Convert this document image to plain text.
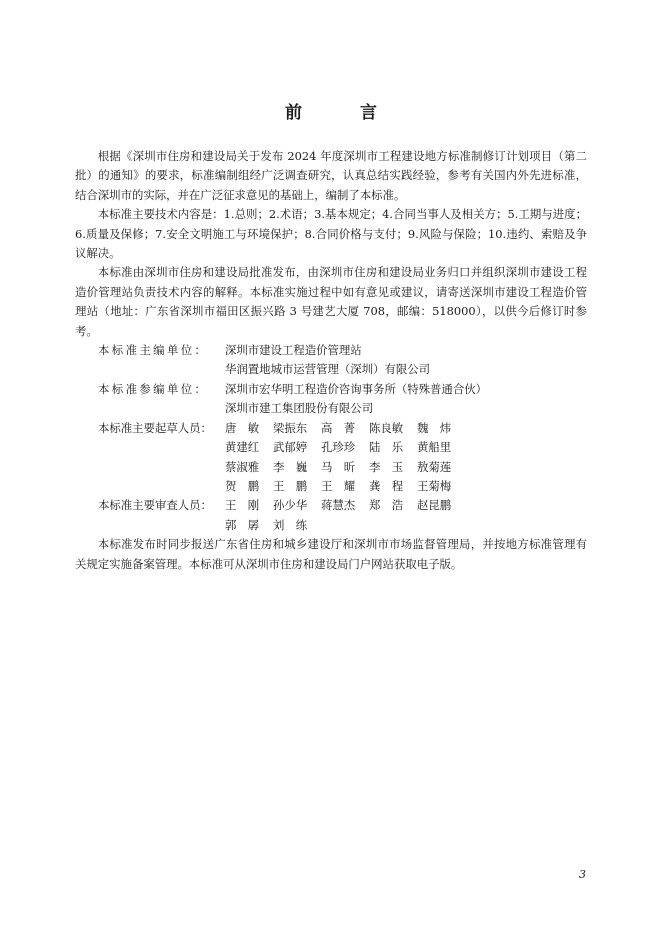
前 言

根据《深圳市住房和建设局关于发布 2024 年度深圳市工程建设地方标准制修订计划项目（第二批）的通知》的要求，标准编制组经广泛调查研究，认真总结实践经验，参考有关国内外先进标准，结合深圳市的实际，并在广泛征求意见的基础上，编制了本标准。

本标准主要技术内容是：1.总则；2.术语；3.基本规定；4.合同当事人及相关方；5.工期与进度；6.质量及保修；7.安全文明施工与环境保护；8.合同价格与支付；9.风险与保险；10.违约、索赔及争议解决。

本标准由深圳市住房和建设局批准发布，由深圳市住房和建设局业务归口并组织深圳市建设工程造价管理站负责技术内容的解释。本标准实施过程中如有意见或建议，请寄送深圳市建设工程造价管理站（地址：广东省深圳市福田区振兴路 3 号建艺大厦 708，邮编：518000），以供今后修订时参考。

本标准主编单位：	深圳市建设工程造价管理站
华润置地城市运营管理（深圳）有限公司
本标准参编单位：	深圳市宏华明工程造价咨询事务所（特殊普通合伙）
深圳市建工集团股份有限公司
本标准主要起草人员：	唐　敏	梁振东	高　菁	陈良敏	魏　炜
黄建红	武郁婷	孔珍珍	陆　乐	黄船里
蔡淑雅	李　巍	马　昕	李　玉	敖菊莲
贺　鹏	王　鹏	王　耀	龚　程	王菊梅
本标准主要审查人员：	王　刚	孙少华	蒋慧杰	郑　浩	赵昆鹏
郭　孱	刘　练

本标准发布时同步报送广东省住房和城乡建设厅和深圳市市场监督管理局，并按地方标准管理有关规定实施备案管理。本标准可从深圳市住房和建设局门户网站获取电子版。

3
